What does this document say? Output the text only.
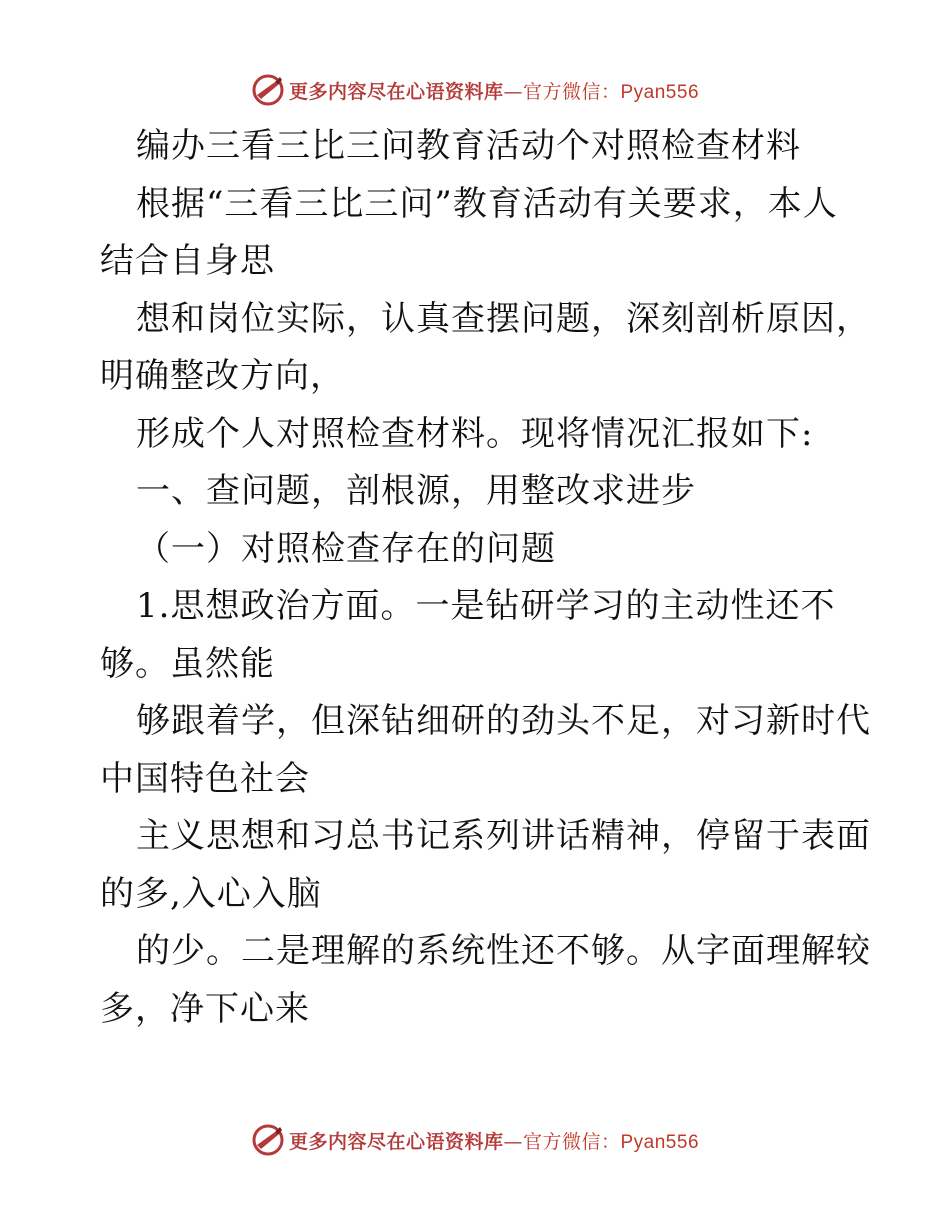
更多内容尽在心语资料库—官方微信：Pyan556
编办三看三比三问教育活动个对照检查材料
根据“三看三比三问”教育活动有关要求，本人
结合自身思
想和岗位实际，认真查摆问题，深刻剖析原因，
明确整改方向，
形成个人对照检查材料。现将情况汇报如下:
一、查问题，剖根源，用整改求进步
（一）对照检查存在的问题
1.思想政治方面。一是钻研学习的主动性还不
够。虽然能
够跟着学，但深钻细研的劲头不足，对习新时代
中国特色社会
主义思想和习总书记系列讲话精神，停留于表面
的多,入心入脑
的少。二是理解的系统性还不够。从字面理解较
多，净下心来
更多内容尽在心语资料库—官方微信：Pyan556
